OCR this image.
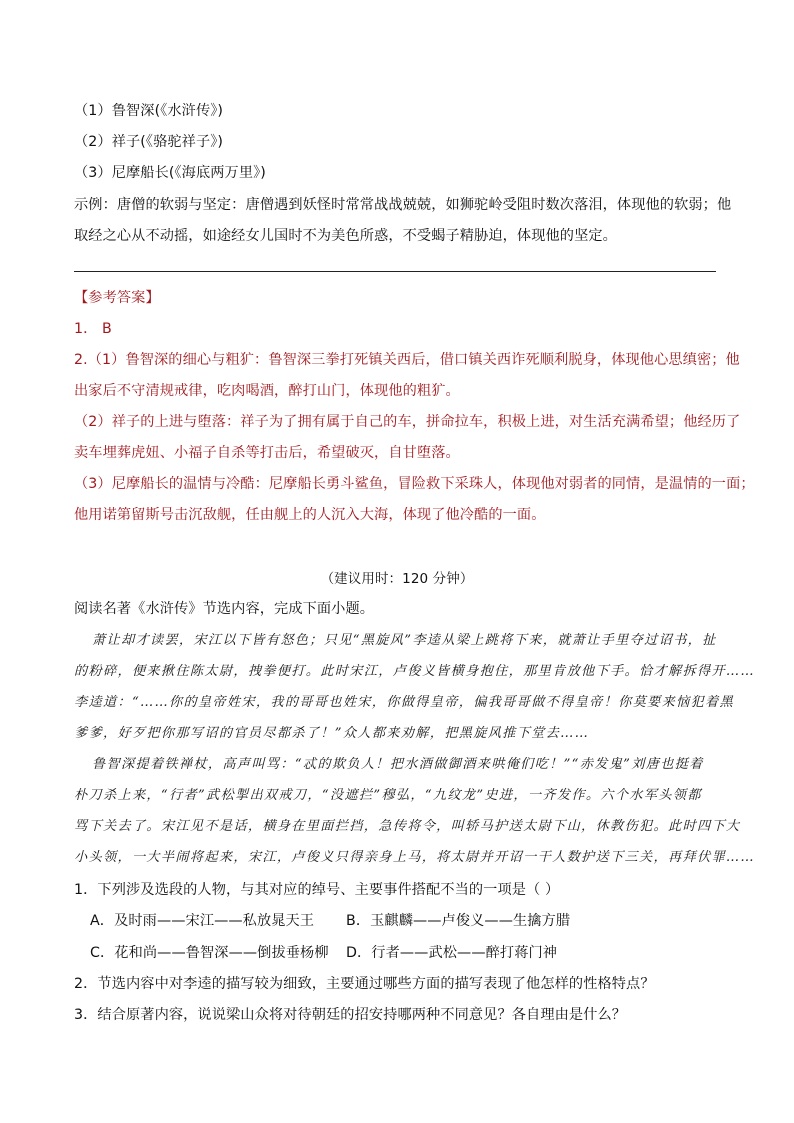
（1）鲁智深(《水浒传》)
（2）祥子(《骆驼祥子》)
（3）尼摩船长(《海底两万里》)
示例：唐僧的软弱与坚定：唐僧遇到妖怪时常常战战兢兢，如狮驼岭受阻时数次落泪，体现他的软弱；他
取经之心从不动摇，如途经女儿国时不为美色所惑，不受蝎子精胁迫，体现他的坚定。
【参考答案】
1． B
2.（1）鲁智深的细心与粗犷：鲁智深三拳打死镇关西后，借口镇关西诈死顺利脱身，体现他心思缜密；他
出家后不守清规戒律，吃肉喝酒，醉打山门，体现他的粗犷。
（2）祥子的上进与堕落：祥子为了拥有属于自己的车，拼命拉车，积极上进，对生活充满希望；他经历了
卖车埋葬虎妞、小福子自杀等打击后，希望破灭，自甘堕落。
（3）尼摩船长的温情与冷酷：尼摩船长勇斗鲨鱼，冒险救下采珠人，体现他对弱者的同情，是温情的一面；
他用诺第留斯号击沉敌舰，任由舰上的人沉入大海，体现了他冷酷的一面。
（建议用时：120 分钟）
阅读名著《水浒传》节选内容，完成下面小题。
萧让却才读罢，宋江以下皆有怒色；只见“黑旋风”李逵从梁上跳将下来，就萧让手里夺过诏书，扯
的粉碎，便来揪住陈太尉，拽拳便打。此时宋江，卢俊义皆横身抱住，那里肯放他下手。恰才解拆得开……
李逵道：“……你的皇帝姓宋，我的哥哥也姓宋，你做得皇帝，偏我哥哥做不得皇帝！你莫要来恼犯着黑
爹爹，好歹把你那写诏的官员尽都杀了！”众人都来劝解，把黑旋风推下堂去……
鲁智深提着铁禅杖，高声叫骂：“忒的欺负人！把水酒做御酒来哄俺们吃！”“赤发鬼”刘唐也挺着
朴刀杀上来，“行者”武松掣出双戒刀，“没遮拦”穆弘，“九纹龙”史进，一齐发作。六个水军头领都
骂下关去了。宋江见不是话，横身在里面拦挡，急传将令，叫轿马护送太尉下山，休教伤犯。此时四下大
小头领，一大半闹将起来，宋江，卢俊义只得亲身上马，将太尉并开诏一干人数护送下三关，再拜伏罪……
1．下列涉及选段的人物，与其对应的绰号、主要事件搭配不当的一项是（ ）
A．及时雨——宋江——私放晁天王 B．玉麒麟——卢俊义——生擒方腊
C．花和尚——鲁智深——倒拔垂杨柳 D．行者——武松——醉打蒋门神
2．节选内容中对李逵的描写较为细致，主要通过哪些方面的描写表现了他怎样的性格特点？
3．结合原著内容，说说梁山众将对待朝廷的招安持哪两种不同意见？各自理由是什么？
